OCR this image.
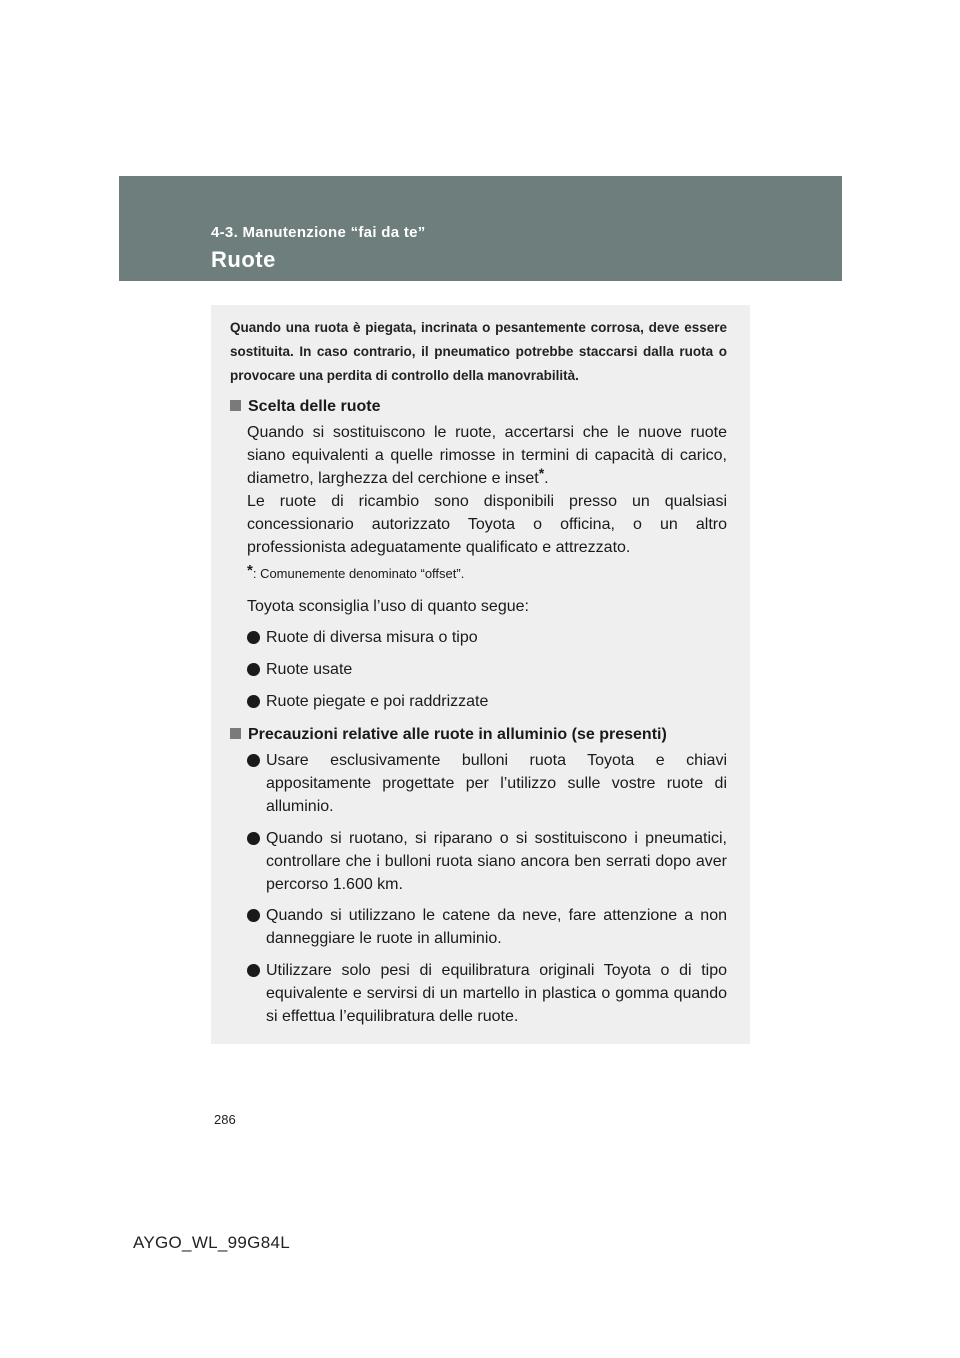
4-3. Manutenzione “fai da te”
Ruote
Quando una ruota è piegata, incrinata o pesantemente corrosa, deve essere sostituita. In caso contrario, il pneumatico potrebbe staccarsi dalla ruota o provocare una perdita di controllo della manovrabilità.
Scelta delle ruote
Quando si sostituiscono le ruote, accertarsi che le nuove ruote siano equivalenti a quelle rimosse in termini di capacità di carico, diametro, larghezza del cerchione e inset*.
Le ruote di ricambio sono disponibili presso un qualsiasi concessionario autorizzato Toyota o officina, o un altro professionista adeguatamente qualificato e attrezzato.
*: Comunemente denominato “offset”.
Toyota sconsiglia l’uso di quanto segue:
Ruote di diversa misura o tipo
Ruote usate
Ruote piegate e poi raddrizzate
Precauzioni relative alle ruote in alluminio (se presenti)
Usare esclusivamente bulloni ruota Toyota e chiavi appositamente progettate per l’utilizzo sulle vostre ruote di alluminio.
Quando si ruotano, si riparano o si sostituiscono i pneumatici, controllare che i bulloni ruota siano ancora ben serrati dopo aver percorso 1.600 km.
Quando si utilizzano le catene da neve, fare attenzione a non danneggiare le ruote in alluminio.
Utilizzare solo pesi di equilibratura originali Toyota o di tipo equivalente e servirsi di un martello in plastica o gomma quando si effettua l’equilibratura delle ruote.
286
AYGO_WL_99G84L
